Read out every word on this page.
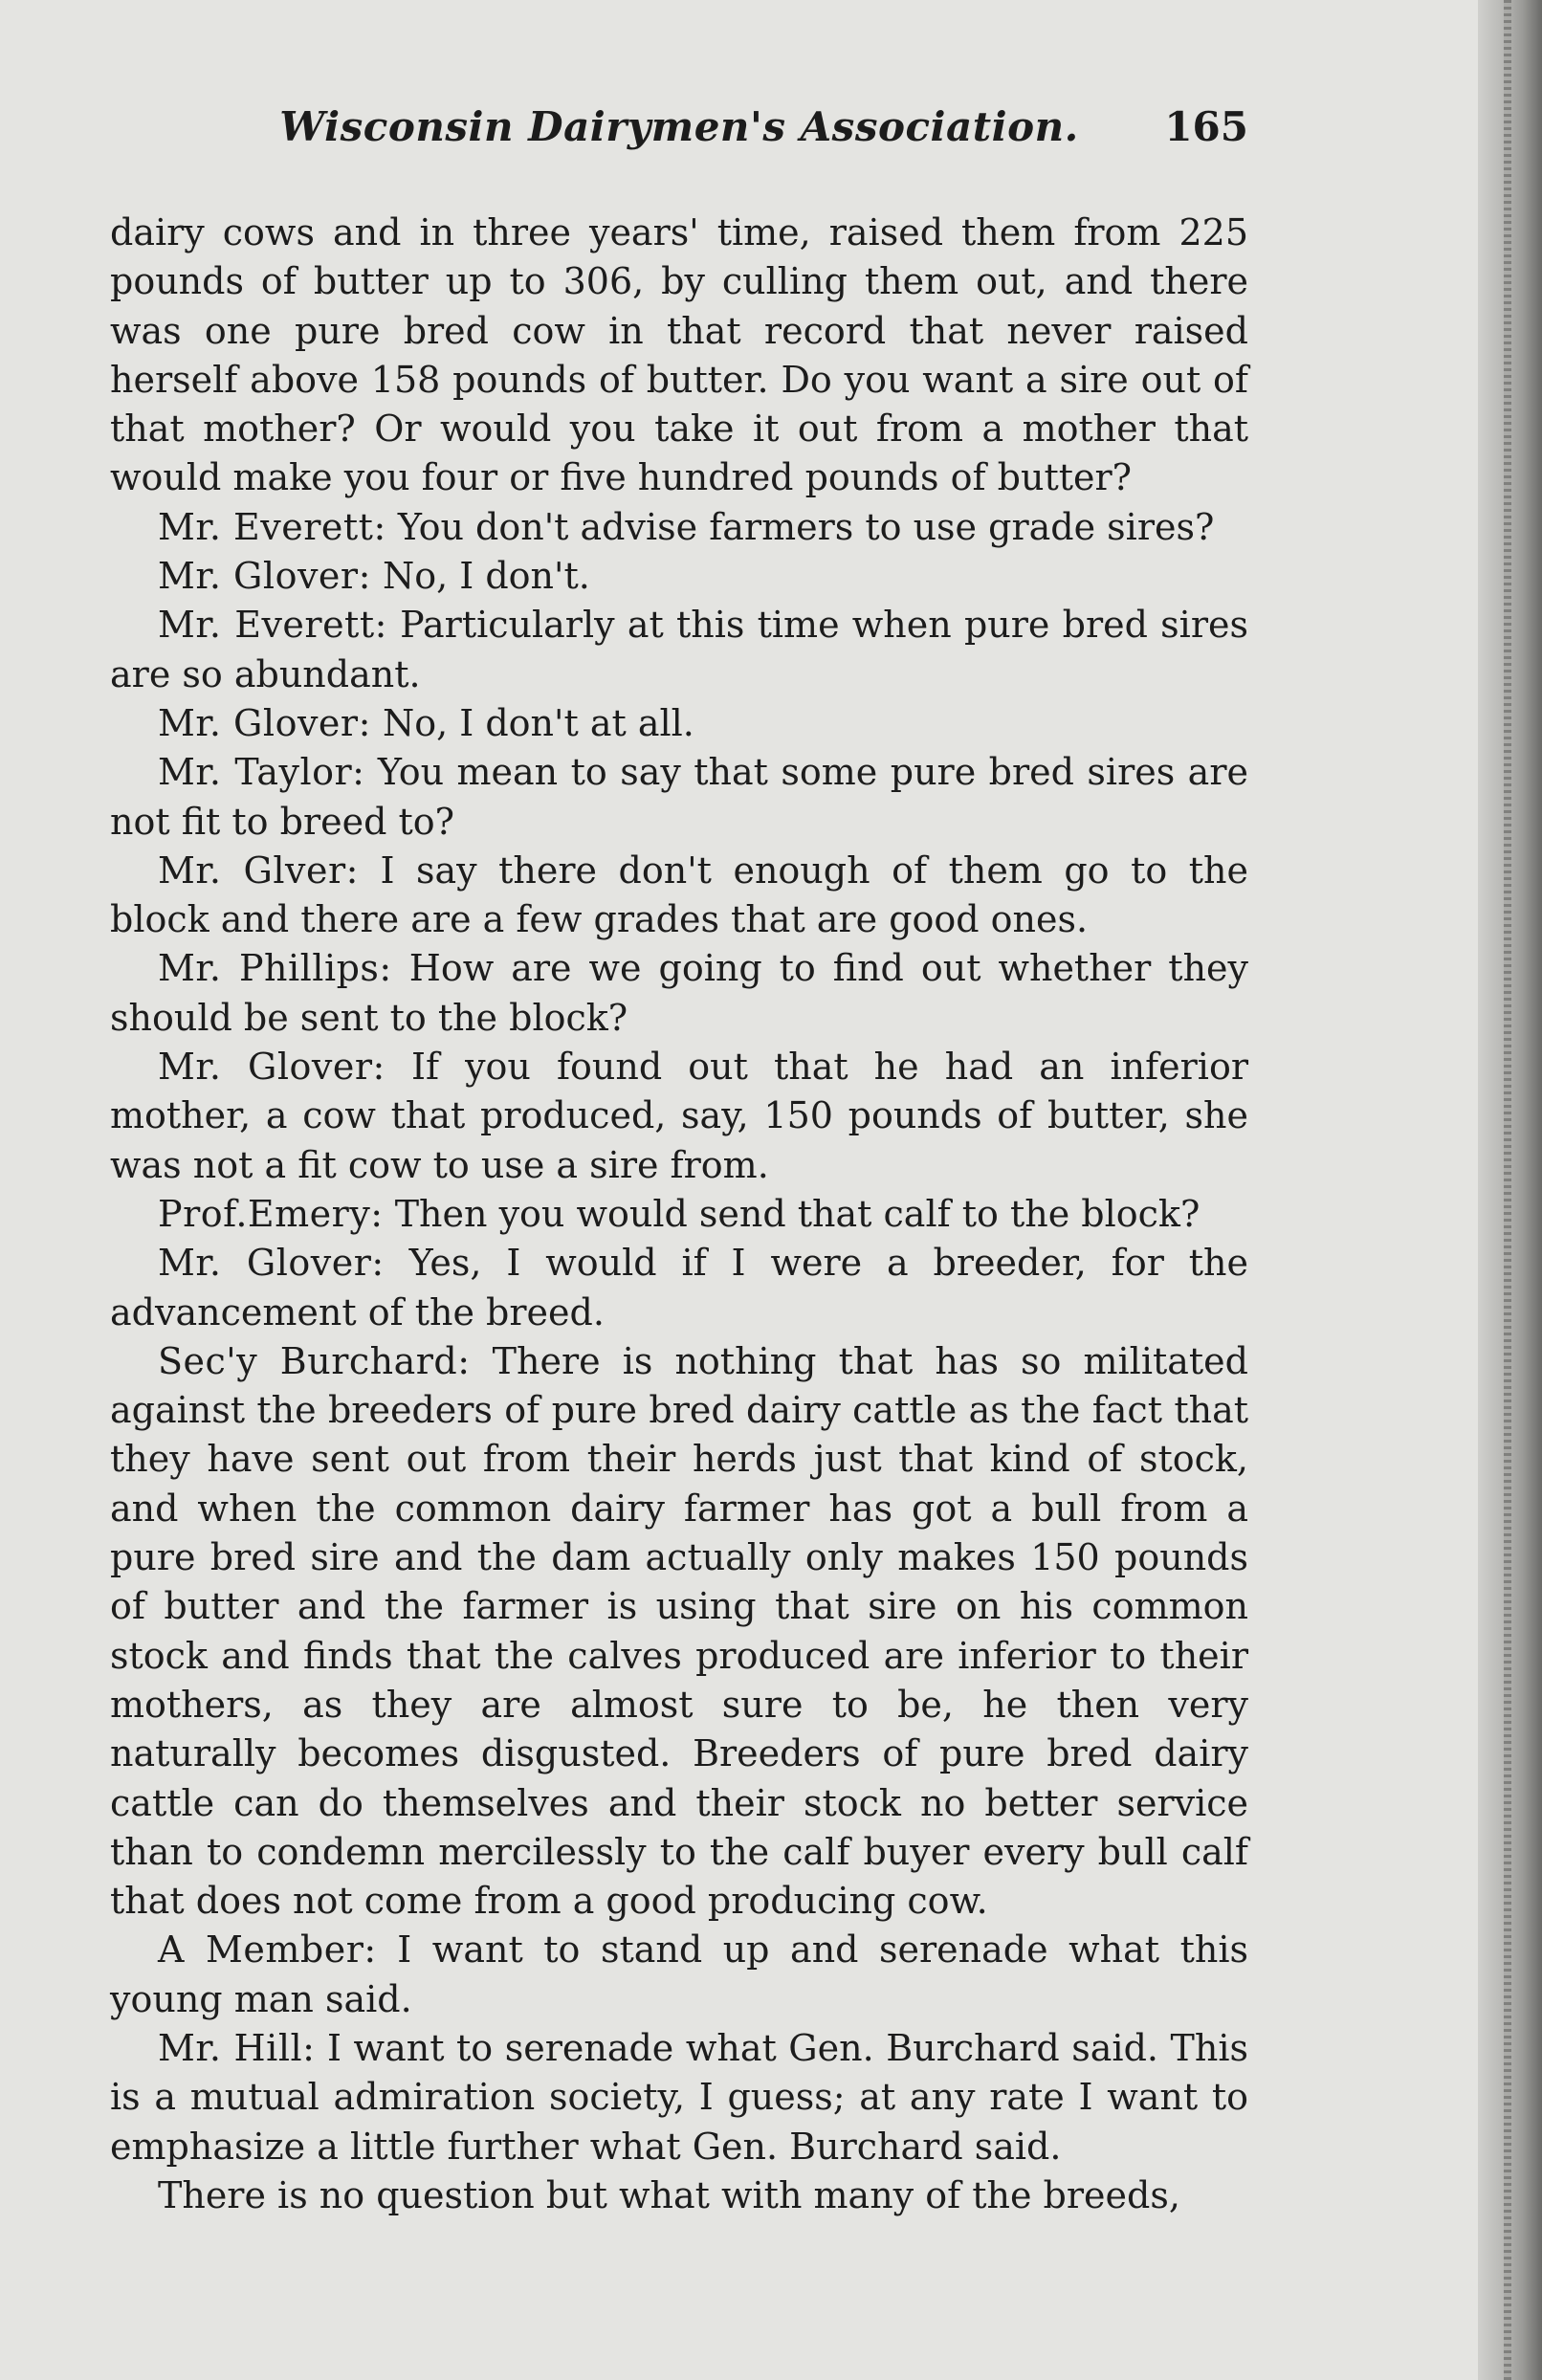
Wisconsin Dairymen's Association.	165

dairy cows and in three years' time, raised them from 225 pounds of butter up to 306, by culling them out, and there was one pure bred cow in that record that never raised herself above 158 pounds of butter. Do you want a sire out of that mother? Or would you take it out from a mother that would make you four or five hundred pounds of butter?

Mr. Everett: You don't advise farmers to use grade sires?

Mr. Glover: No, I don't.

Mr. Everett: Particularly at this time when pure bred sires are so abundant.

Mr. Glover: No, I don't at all.

Mr. Taylor: You mean to say that some pure bred sires are not fit to breed to?

Mr. Glver: I say there don't enough of them go to the block and there are a few grades that are good ones.

Mr. Phillips: How are we going to find out whether they should be sent to the block?

Mr. Glover: If you found out that he had an inferior mother, a cow that produced, say, 150 pounds of butter, she was not a fit cow to use a sire from.

Prof.Emery: Then you would send that calf to the block?

Mr. Glover: Yes, I would if I were a breeder, for the advancement of the breed.

Sec'y Burchard: There is nothing that has so militated against the breeders of pure bred dairy cattle as the fact that they have sent out from their herds just that kind of stock, and when the common dairy farmer has got a bull from a pure bred sire and the dam actually only makes 150 pounds of butter and the farmer is using that sire on his common stock and finds that the calves produced are inferior to their mothers, as they are almost sure to be, he then very naturally becomes disgusted. Breeders of pure bred dairy cattle can do themselves and their stock no better service than to condemn mercilessly to the calf buyer every bull calf that does not come from a good producing cow.

A Member: I want to stand up and serenade what this young man said.

Mr. Hill: I want to serenade what Gen. Burchard said. This is a mutual admiration society, I guess; at any rate I want to emphasize a little further what Gen. Burchard said.

There is no question but what with many of the breeds,
